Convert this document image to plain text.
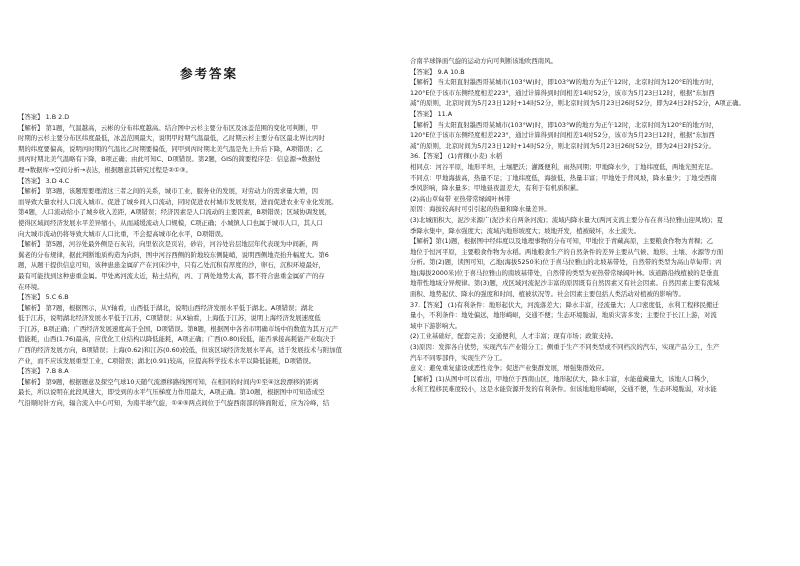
参考答案
【答案】 1.B 2.D
【解析】 第1题，气温越高，云彬的分布纬度越高。结合图中云杉主要分布区及冰盖范围的变化可判断，甲
时期的云杉主要分布区纬度最低，冰盖范围最大，说明甲时期气温最低，乙时期云杉主要分布区最北界比丙时
期的纬度要偏高，说明丙时期的气温比乙时期要偏低，同甲到丙时期北美气温是先上升后下降，A项错误；乙
到丙时期北美气温略有下降，B项正确；由此可知C、D项错误。第2题，GIS的简要程序是：信息源→数据处
理→数据库→空间分析→表达，根据题意其研究过程是②①③。
【答案】 3.D 4.C
【解析】 第3题，该题需要理清这三者之间的关系，城市工业、服务业的发展，对劳动力的需求量大增，因
而导致大量农村人口流入城市。促进了城乡间人口流动，同时促进农村城市发展发展，进而促进农业专业化发展。
第4题，人口流动给小了城乡收入差距，A项错误；经济因素是人口流动的主要因素，B项错误；区域协调发展，
使得区域间经济发展水平差异缩小，从而减缓流动人口规模，C项正确；小城镇人口也属于城市人口，其人口
向大城市流动仍将导致大城市人口比重，不会提高城市化水平，D项错误。
【解析】 第5题，河谷处最外侧是石灰岩，向里依次是页岩，砂岩，河谷处岩层地层年代表现为中间新，两
翼老的分布规律，据此判断地质构造为向斜，图中河谷西侧的阶地较东侧陡峭，说明西侧地壳抬升幅度大。第6
题，从题干提供信息可知，该种患患金属矿产在河床沙中，只有乙处沉积有厚度的沙，卵石，沉积环境最好，
最有可能找到这种患重金属。甲处离河流太近，粘土结构，丙、丁两处地势太高，都不符合患重金属矿产的存
在环境。
【答案】 5.C 6.B
【解析】 第7题，根据图示，从Y轴看，山西低于湖北，说明山西经济发展水平低于湖北。A项错误；湖北
低于江苏，说明湖北经济发展水平低于江苏，C项错误；从X轴看，上海低于江苏，说明上海经济发展速度低
于江苏，B项正确；广西经济发展速度高于全国，D项错误。第8题，根据图中各省市明确市场中的数值为其万元产
值能耗，山西(1.76)最高，应优化工业结构以降低能耗，A项正确；广西(0.80)较低，能否承接高耗能产业取决于
广西的经济发展方向，B项错误；上海(0.62)和江苏(0.60)较低，但该区域经济发展水平高，适于发展技术与附加值
产业，而不应该发展重型工业，C项错误；湖北(0.91)较高，应提高科学技术水平以降低能耗，D项错误。
【答案】 7.B 8.A
【解析】 第9题，根据题意及探空气球10天随气流漂移路线图可知，在相同的时间内①至④这段漂移的距离
最长，所以说明在此段风速大，即受到的水平气压梯度力作用最大，A项正确。第10题，根据图中可知造成空
气沿顺时针方向，辐合流入中心可知，为南半球气旋，①④⑤两点间位于气旋西南部的锋面附近，应为冷峰，结
合南半球锋面气旋的运动方向可判断该地吹西南风。
【答案】 9.A 10.B
【解析】 当太阳直射墨西哥某城市(103°W)时，即103°W的地方为正午12时，北京时间为120°E的地方时，
120°E位于该市东侧经度相差223°，通过计算得到时间相差14时52分，该市为5月23日12时，根据“东加西
减”的原则，北京时间为5月23日12时+14时52分，则北京时间为5月23日26时52分，即为24日2时52分，A项正确。
【答案】 11.A
【解析】 当太阳直射墨西哥某城市(103°W)时，即103°W的地方为正午12时，北京时间为120°E的地方时，
120°E位于该市东侧经度相差223°，通过计算得到时间相差14时52分，该市为5月23日12时，根据“东加西
减”的原则，北京时间为5月23日12时+14时52分，则北京时间为5月23日26时52分，即为24日2时52分。
36.【答案】 (1)青稞(小麦) 水稻
相同点：河谷平原，地形平坦，土壤肥沃；灌溉便利，雨热同期；甲地降水少，丁地纬度低，两地光照充足。
不同点：甲地海拔高，热量不足；丁地纬度低，海拔低，热量丰富；甲地处于背风坡，降水量少；丁地受西南
季风影响，降水量多；甲地昼夜温差大，有利于有机质积累。
(2)高山草甸带 亚热带常绿阔叶林带
原因：海拔较高时可引引起的热量和降水量差异。
(3)北城面积大，泥沙来源广(泥沙来自两条河流)；流域内降水量大(两河支流主要分布在喜马拉雅山迎风坡)；夏
季降水集中，降水强度大；流域内地形坡度大；坡地开发，植被破坏，水土流失。
【解析】第(1)题，根据图中经纬度以及地理事物的分布可知，甲地位于青藏高原，主要粮食作物为青稞；乙
地位于恒河平原，主要粮食作物为水稻。两地粮食生产的自然条件的差异主要从气候、地形、土壤、水源等方面
分析。第(2)题，读图可知，乙地(海拔5250米)位于喜马拉雅山的北坡基带处，自然带的类型为高山草甸带；丙
地(海拔2000米)位于喜马拉雅山的南坡基带处，自然带的类型为亚热带常绿阔叶林。该道路沿线植被的是垂直
地带性地域分异规律。第(3)题，戌区域河流泥沙丰富的原因既有自然因素又有社会因素。自然因素主要有流域
面积、地势起伏、降水的强度和时间、植被状况等。社会因素主要包括人类活动对植被的影响等。
37.【答案】 (1)有利条件：地形起伏大，河流落差大；降水丰富，径流量大；人口密度低，水利工程移民搬迁
量小，不利条件：地处偏远，地形崎岖，交通不便；生态环境脆弱，地质灾害多发；主要位于长江上游，对流
域中下游影响大。
(2)工业基础好，配套完善；交通便利，人才丰富；现有市场；政策支持。
(3)原因：发挥各自优势，实现汽车产业错分工；侧重于生产不同类型或不同档次的汽车，实现产品分工，生产
汽车不同零部件，实现生产分工。
意义：避免重复建设或恶性竞争；促进产业集群发展，增强集群效应。
【解析】(1)从图中可以看出，甲地位于西南山区，地形起伏大，降水丰富，水能蕴藏量大，该地人口稀少，
水利工程移民难度较小，这是水能资源开发的有利条件。但该地地形崎岖，交通不便，生态环境脆弱，对水能
